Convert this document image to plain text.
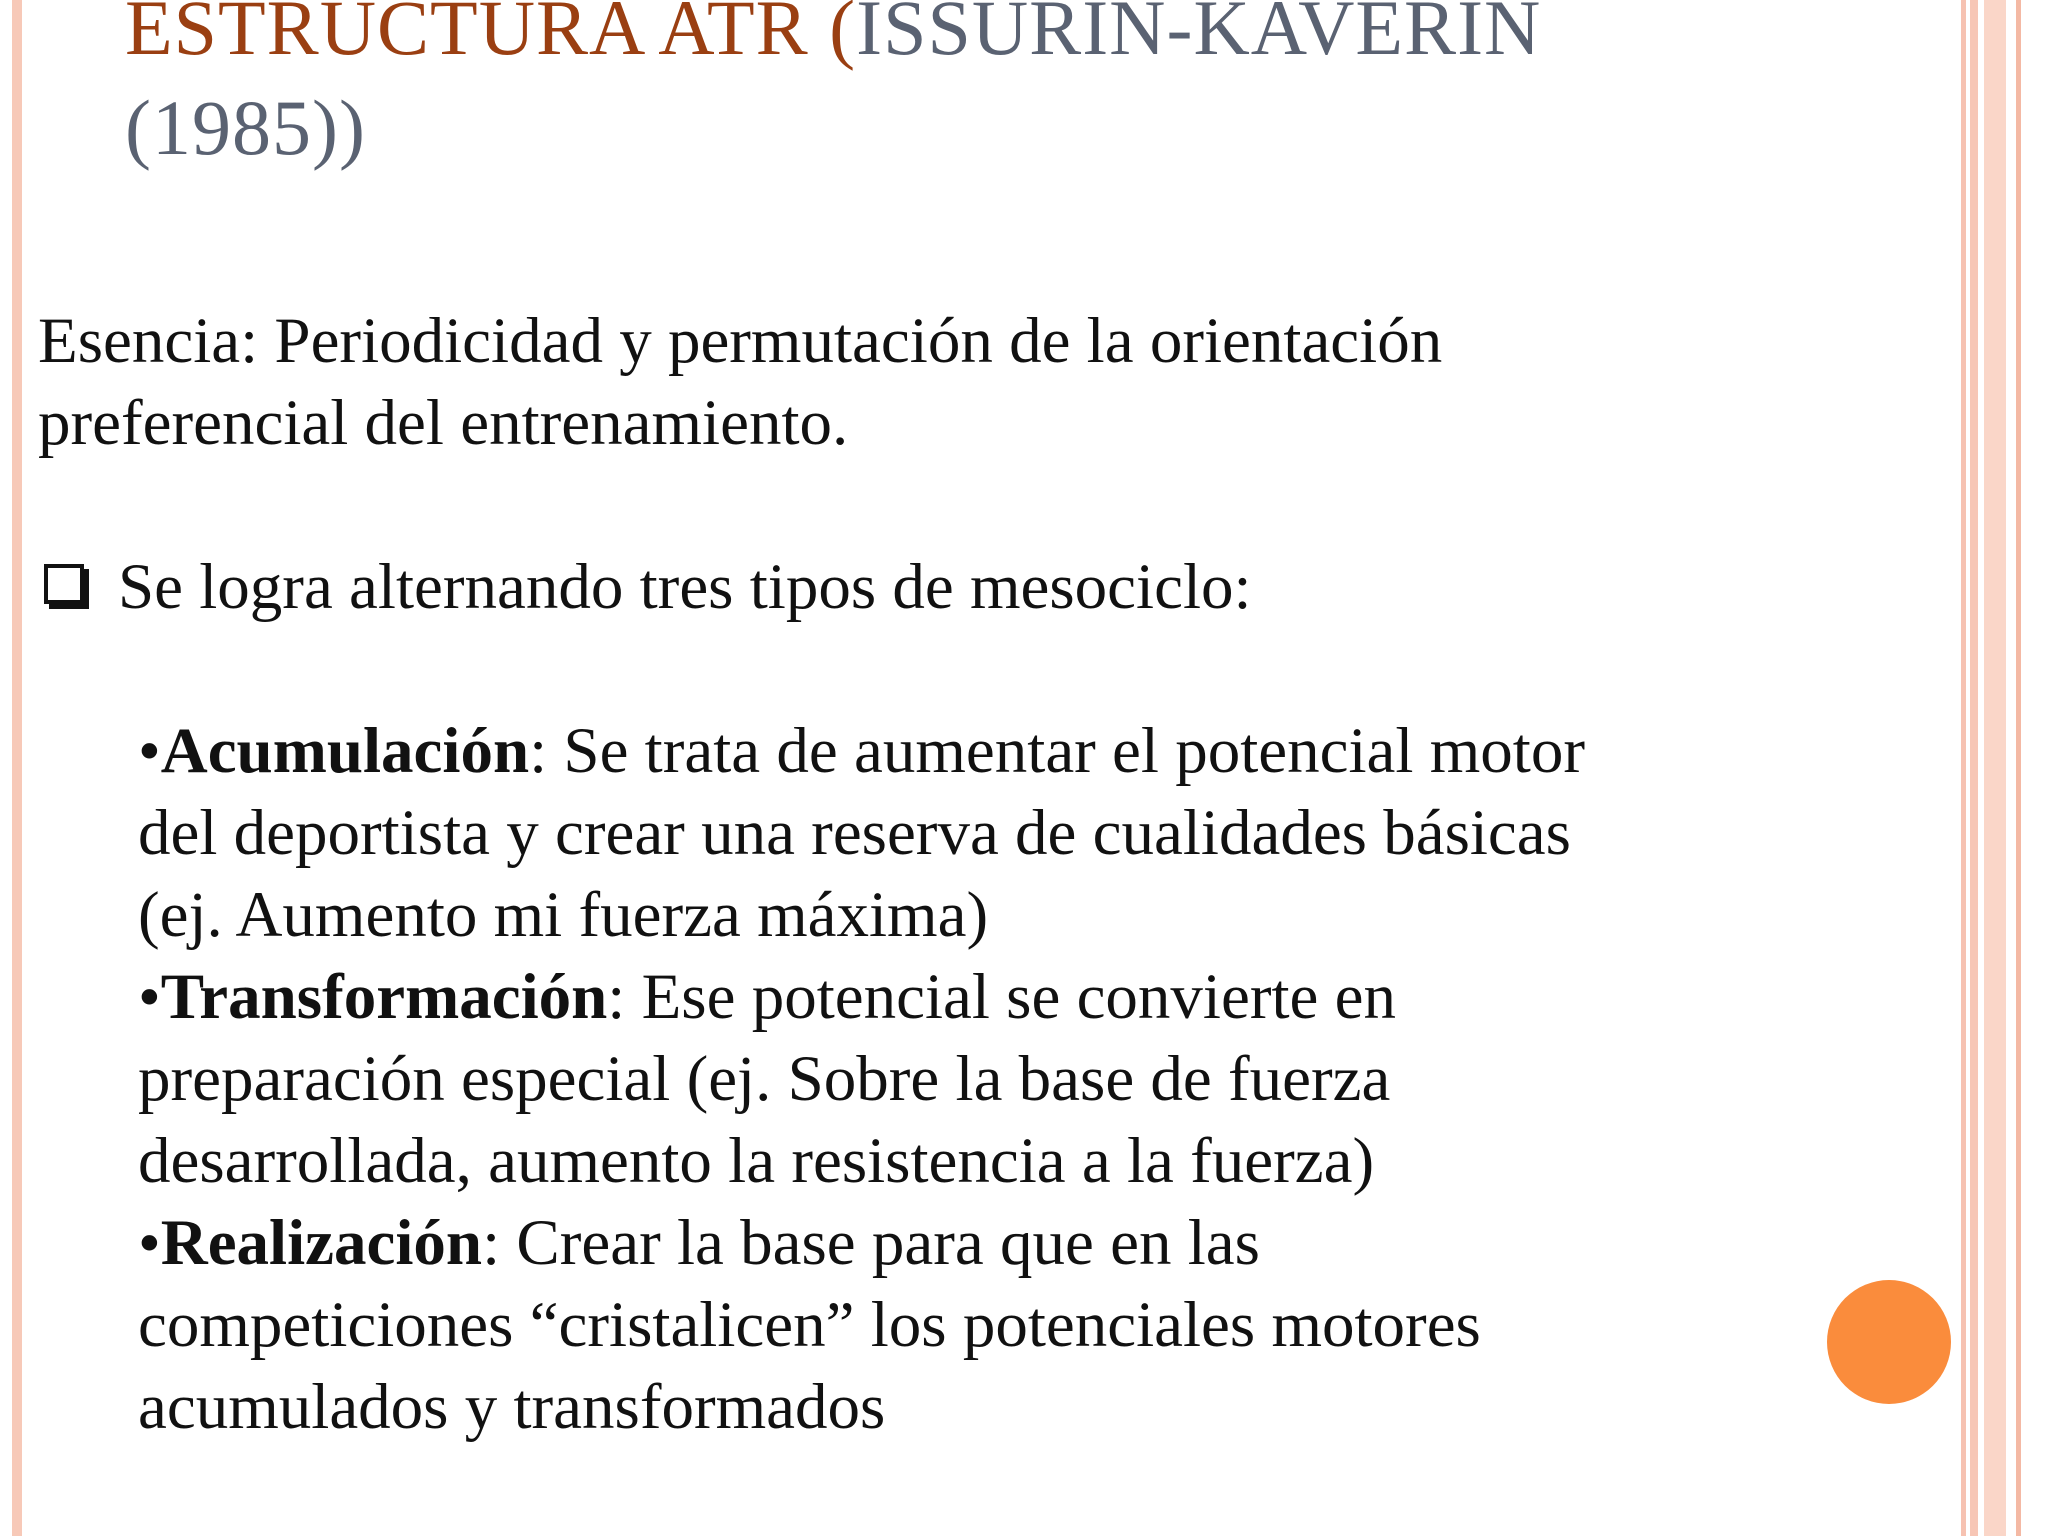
ESTRUCTURA ATR (ISSURIN-KAVERIN
(1985))

Esencia: Periodicidad y permutación de la orientación
preferencial del entrenamiento.

Se logra alternando tres tipos de mesociclo:

•Acumulación: Se trata de aumentar el potencial motor
del deportista y crear una reserva de cualidades básicas
(ej. Aumento mi fuerza máxima)

•Transformación: Ese potencial se convierte en
preparación especial (ej. Sobre la base de fuerza
desarrollada, aumento la resistencia a la fuerza)

•Realización: Crear la base para que en las
competiciones “cristalicen” los potenciales motores
acumulados y transformados
